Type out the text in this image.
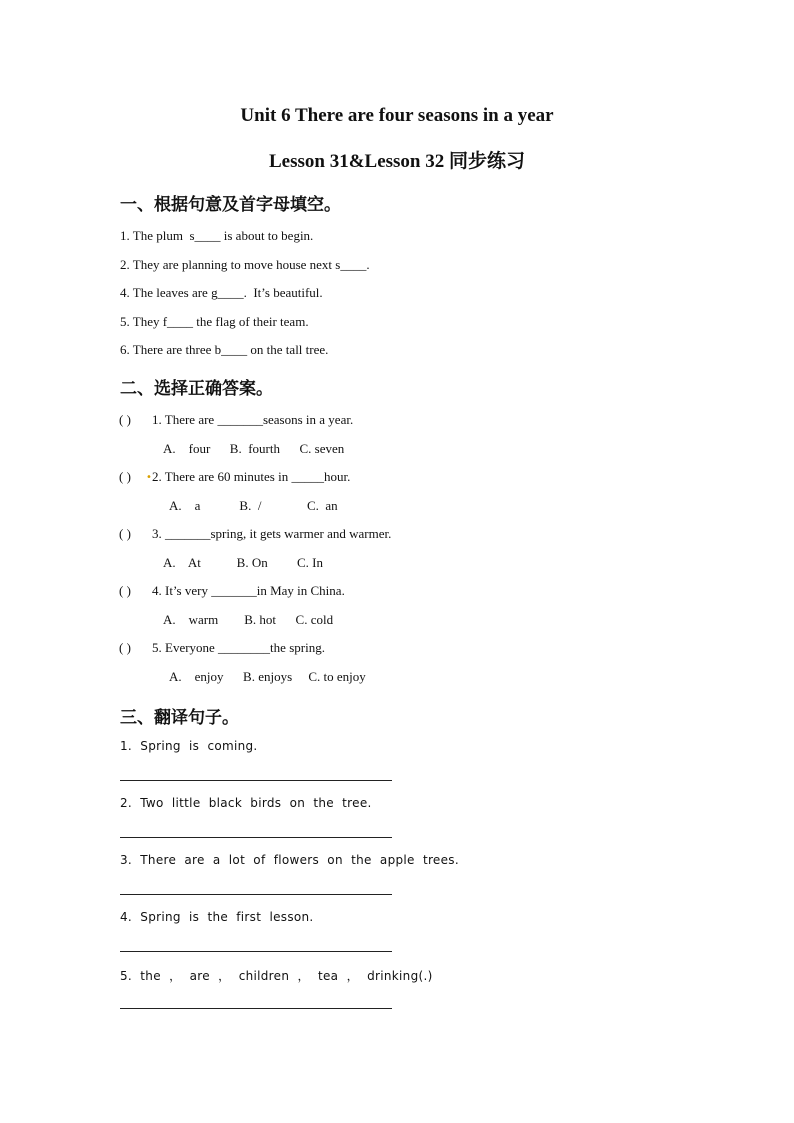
Unit 6 There are four seasons in a year
Lesson 31&Lesson 32 同步练习
一、根据句意及首字母填空。
1. The plum  s____ is about to begin.
2. They are planning to move house next s____.
4. The leaves are g____.  It’s beautiful.
5. They f____ the flag of their team.
6. There are three b____ on the tall tree.
二、选择正确答案。
( ) 1. There are _______seasons in a year.
A.    four      B.  fourth      C. seven
( ) • 2. There are 60 minutes in _____hour.
A.    a            B.  /              C.  an
( ) 3. _______spring, it gets warmer and warmer.
A.    At           B. On         C. In
( ) 4. It’s very _______in May in China.
A.    warm        B. hot      C. cold
( ) 5. Everyone ________the spring.
A.    enjoy      B. enjoys     C. to enjoy
三、翻译句子。
1.  Spring  is  coming.
2.  Two  little  black  birds  on  the  tree.
3.  There  are  a  lot  of  flowers  on  the  apple  trees.
4.  Spring  is  the  first  lesson.
5.  the  ，  are  ，  children  ，  tea  ，  drinking(.)
